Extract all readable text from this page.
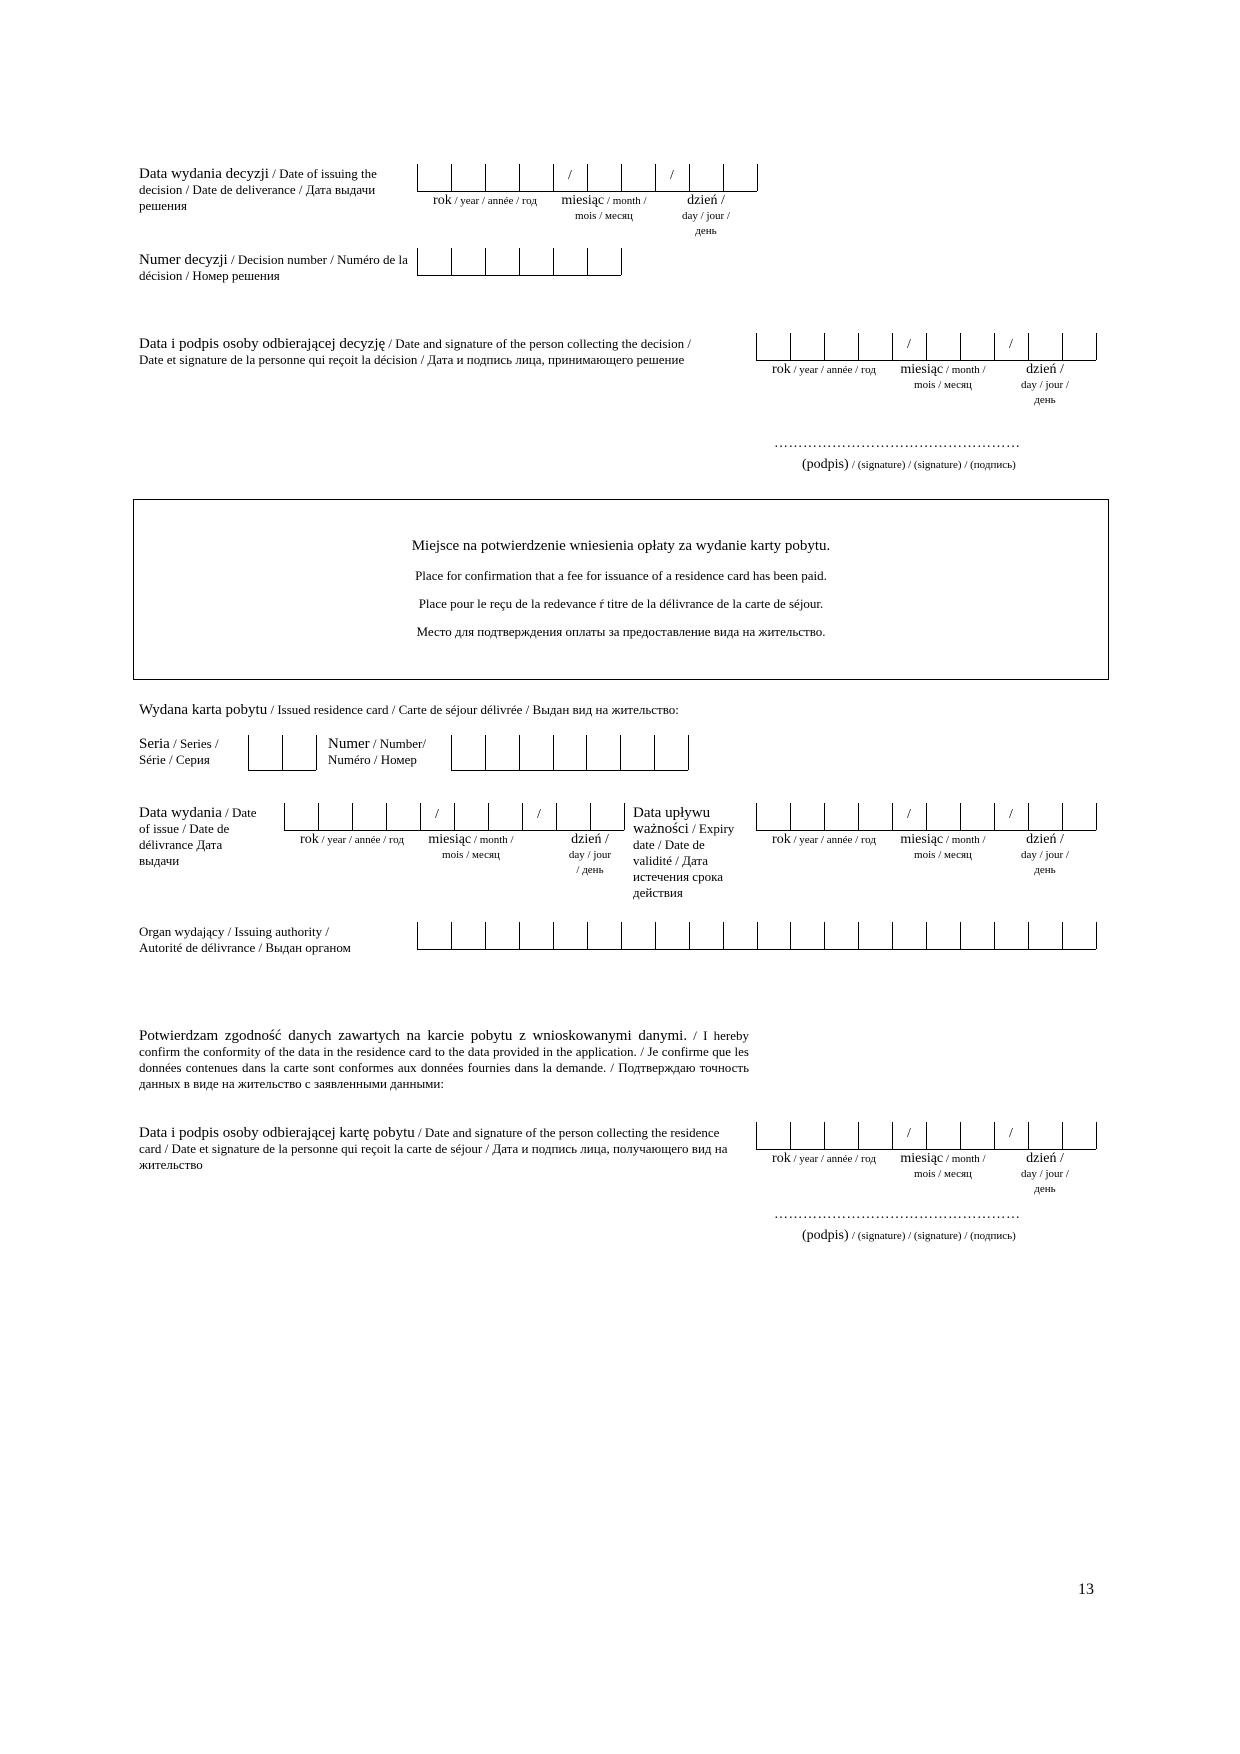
Data wydania decyzji / Date of issuing the decision / Date de deliverance / Дата выдачи решения
/	/
rok / year / année / год	miesiąc / month /
mois / месяц
dzień /
day / jour /
день
Numer decyzji / Decision number / Numéro de la décision / Номер решения
Data i podpis osoby odbierającej decyzję / Date and signature of the person collecting the decision / Date et signature de la personne qui reçoit la décision / Дата и подпись лица, принимающего решение
/	/
rok / year / année / год	miesiąc / month /
mois / месяц
dzień /
day / jour /
день
……………………………………………
(podpis) / (signature) / (signature) / (подпись)
Miejsce na potwierdzenie wniesienia opłaty za wydanie karty pobytu.
Place for confirmation that a fee for issuance of a residence card has been paid.
Place pour le reçu de la redevance ŕ titre de la délivrance de la carte de séjour.
Место для подтверждения оплаты за предоставление вида на жительство.
Wydana karta pobytu / Issued residence card / Carte de séjour délivrée / Выдан вид на жительство:
Seria / Series /
Série / Серия
Numer / Number/
Numéro / Номер
Data wydania / Date
of issue / Date de
délivrance Дата
выдачи
/	/
rok / year / année / год	miesiąc / month /
mois / месяц
dzień /
day / jour
/ день
Data upływu
ważności / Expiry
date / Date de
validité / Дата
истечения срока
действия
/	/
rok / year / année / год	miesiąc / month /
mois / месяц
dzień /
day / jour /
день
Organ wydający / Issuing authority /
Autorité de délivrance / Выдан органом
Potwierdzam zgodność danych zawartych na karcie pobytu z wnioskowanymi danymi. / I hereby confirm the conformity of the data in the residence card to the data provided in the application. / Je confirme que les données contenues dans la carte sont conformes aux données fournies dans la demande. / Подтверждаю точность данных в виде на жительство с заявленными данными:
Data i podpis osoby odbierającej kartę pobytu / Date and signature of the person collecting the residence card / Date et signature de la personne qui reçoit la carte de séjour / Дата и подпись лица, получающего вид на жительство
/	/
rok / year / année / год	miesiąc / month /
mois / месяц
dzień /
day / jour /
день
……………………………………………
(podpis) / (signature) / (signature) / (подпись)
13
